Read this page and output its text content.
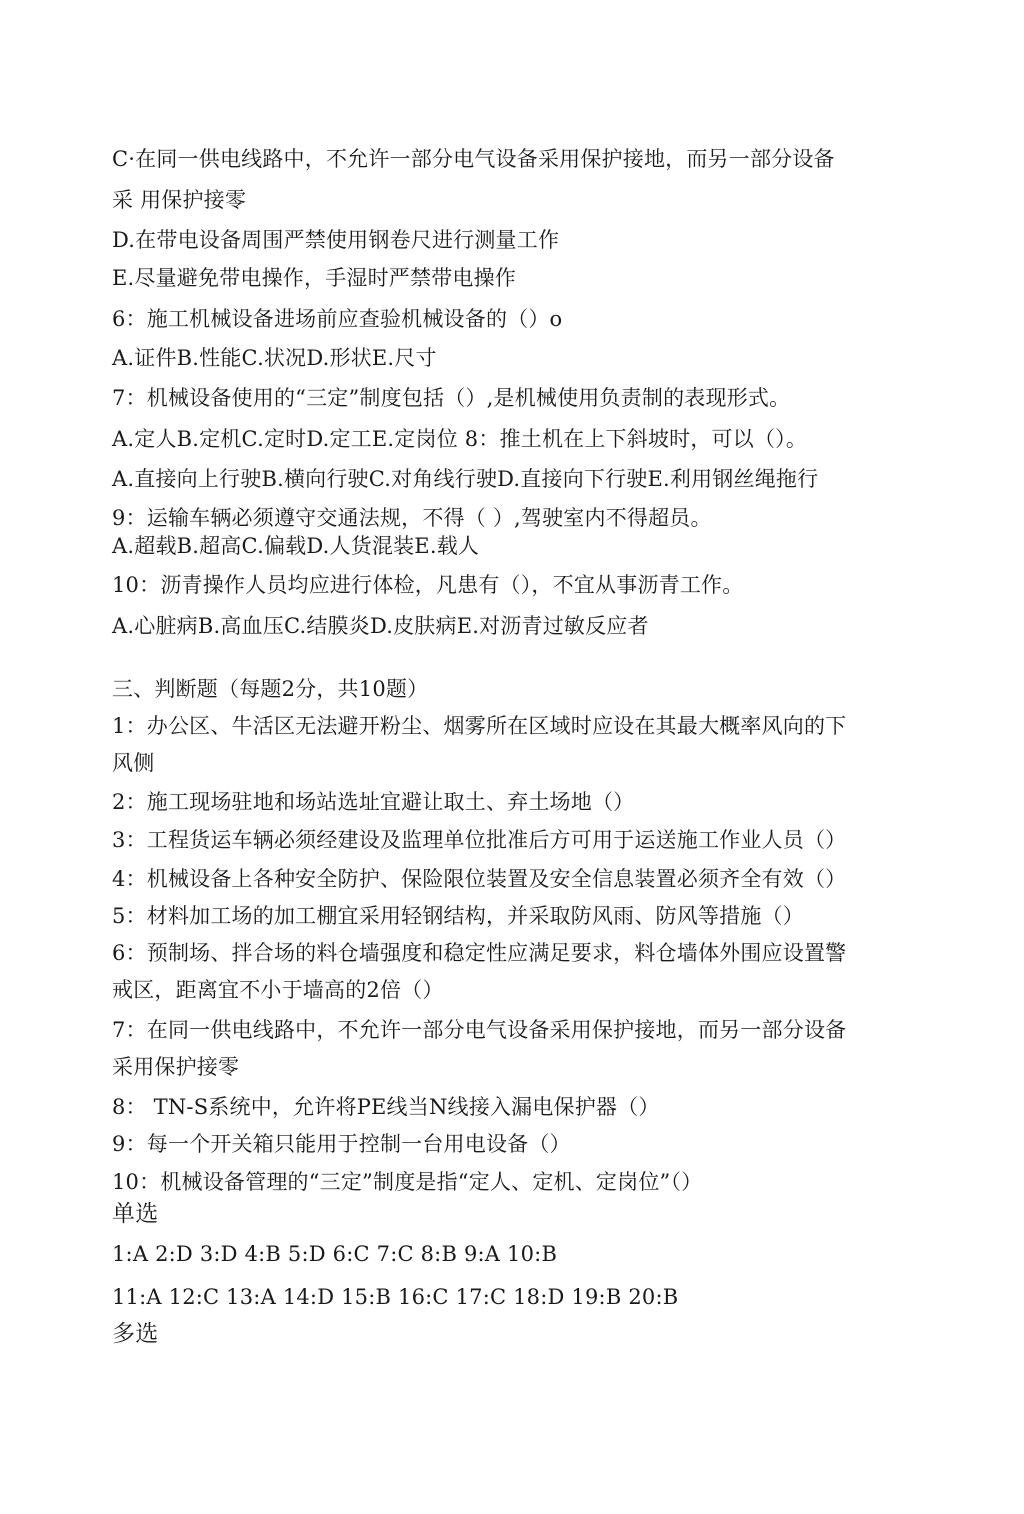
C·在同一供电线路中，不允许一部分电气设备采用保护接地，而另一部分设备
采 用保护接零
D.在带电设备周围严禁使用钢卷尺进行测量工作
E.尽量避免带电操作，手湿时严禁带电操作
6：施工机械设备进场前应查验机械设备的（）o
A.证件B.性能C.状况D.形状E.尺寸
7：机械设备使用的“三定”制度包括（）,是机械使用负责制的表现形式。
A.定人B.定机C.定时D.定工E.定岗位 8：推土机在上下斜坡时，可以（）。
A.直接向上行驶B.横向行驶C.对角线行驶D.直接向下行驶E.利用钢丝绳拖行
9：运输车辆必须遵守交通法规，不得（ ）,驾驶室内不得超员。
A.超载B.超高C.偏载D.人货混装E.载人
10：沥青操作人员均应进行体检，凡患有（），不宜从事沥青工作。
A.心脏病B.高血压C.结膜炎D.皮肤病E.对沥青过敏反应者
三、判断题（每题2分，共10题）
1：办公区、牛活区无法避开粉尘、烟雾所在区域时应设在其最大概率风向的下
风侧
2：施工现场驻地和场站选址宜避让取土、弃土场地（）
3：工程货运车辆必须经建设及监理单位批准后方可用于运送施工作业人员（）
4：机械设备上各种安全防护、保险限位装置及安全信息装置必须齐全有效（）
5：材料加工场的加工棚宜采用轻钢结构，并采取防风雨、防风等措施（）
6：预制场、拌合场的料仓墙强度和稳定性应满足要求，料仓墙体外围应设置警
戒区，距离宜不小于墙高的2倍（）
7：在同一供电线路中，不允许一部分电气设备采用保护接地，而另一部分设备
采用保护接零
8： TN-S系统中，允许将PE线当N线接入漏电保护器（）
9：每一个开关箱只能用于控制一台用电设备（）
10：机械设备管理的“三定”制度是指“定人、定机、定岗位”（）
单选
1:A 2:D 3:D 4:B 5:D 6:C 7:C 8:B 9:A 10:B
11:A 12:C 13:A 14:D 15:B 16:C 17:C 18:D 19:B 20:B
多选
